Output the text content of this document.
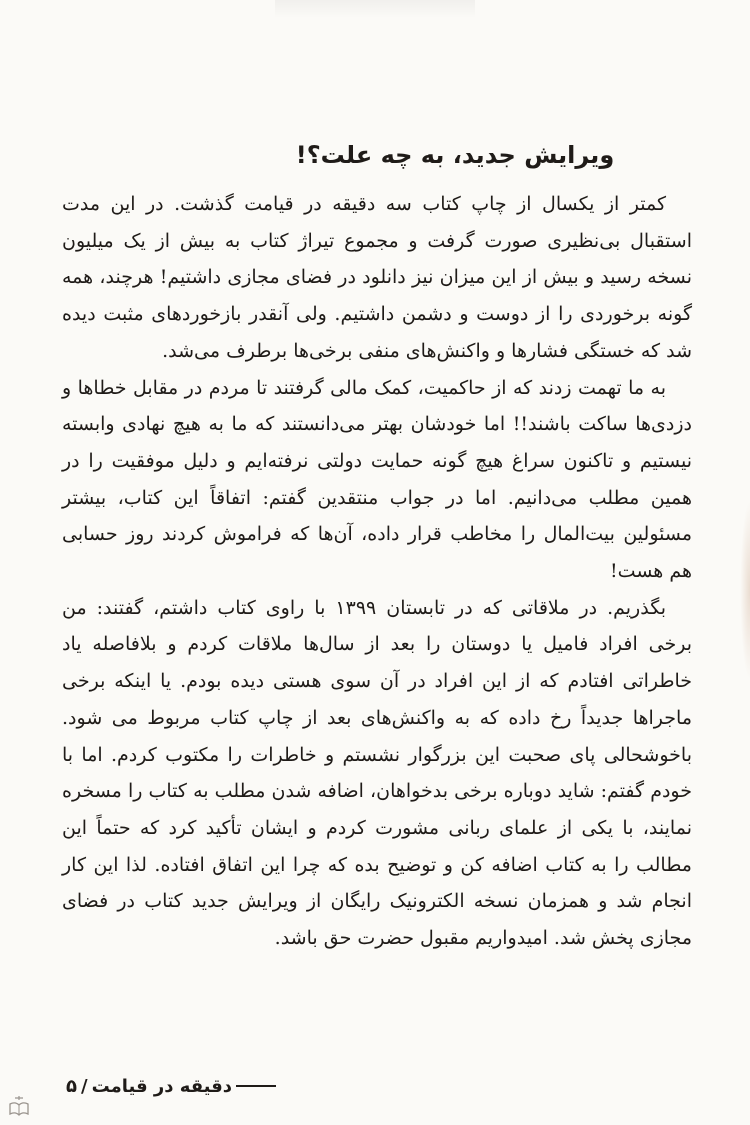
ویرایش جدید، به چه علت؟!

کمتر از یکسال از چاپ کتاب سه دقیقه در قیامت گذشت. در این مدت استقبال بی‌نظیری صورت گرفت و مجموع تیراژ کتاب به بیش از یک میلیون نسخه رسید و بیش از این میزان نیز دانلود در فضای مجازی داشتیم! هرچند، همه گونه برخوردی را از دوست و دشمن داشتیم. ولی آنقدر بازخوردهای مثبت دیده شد که خستگی فشارها و واکنش‌های منفی برخی‌ها برطرف می‌شد.

به ما تهمت زدند که از حاکمیت، کمک مالی گرفتند تا مردم در مقابل خطاها و دزدی‌ها ساکت باشند!! اما خودشان بهتر می‌دانستند که ما به هیچ نهادی وابسته نیستیم و تاکنون سراغ هیچ گونه حمایت دولتی نرفته‌ایم و دلیل موفقیت را در همین مطلب می‌دانیم. اما در جواب منتقدین گفتم: اتفاقاً این کتاب، بیشتر مسئولین بیت‌المال را مخاطب قرار داده، آن‌ها که فراموش کردند روز حسابی هم هست!

بگذریم. در ملاقاتی که در تابستان ۱۳۹۹ با راوی کتاب داشتم، گفتند: من برخی افراد فامیل یا دوستان را بعد از سال‌ها ملاقات کردم و بلافاصله یاد خاطراتی افتادم که از این افراد در آن سوی هستی دیده بودم. یا اینکه برخی ماجراها جدیداً رخ داده که به واکنش‌های بعد از چاپ کتاب مربوط می شود. باخوشحالی پای صحبت این بزرگوار نشستم و خاطرات را مکتوب کردم. اما با خودم گفتم: شاید دوباره برخی بدخواهان، اضافه شدن مطلب به کتاب را مسخره نمایند، با یکی از علمای ربانی مشورت کردم و ایشان تأکید کرد که حتماً این مطالب را به کتاب اضافه کن و توضیح بده که چرا این اتفاق افتاده. لذا این کار انجام شد و همزمان نسخه الکترونیک رایگان از ویرایش جدید کتاب در فضای مجازی پخش شد. امیدواریم مقبول حضرت حق باشد.

دقیقه در قیامت
/
۵
